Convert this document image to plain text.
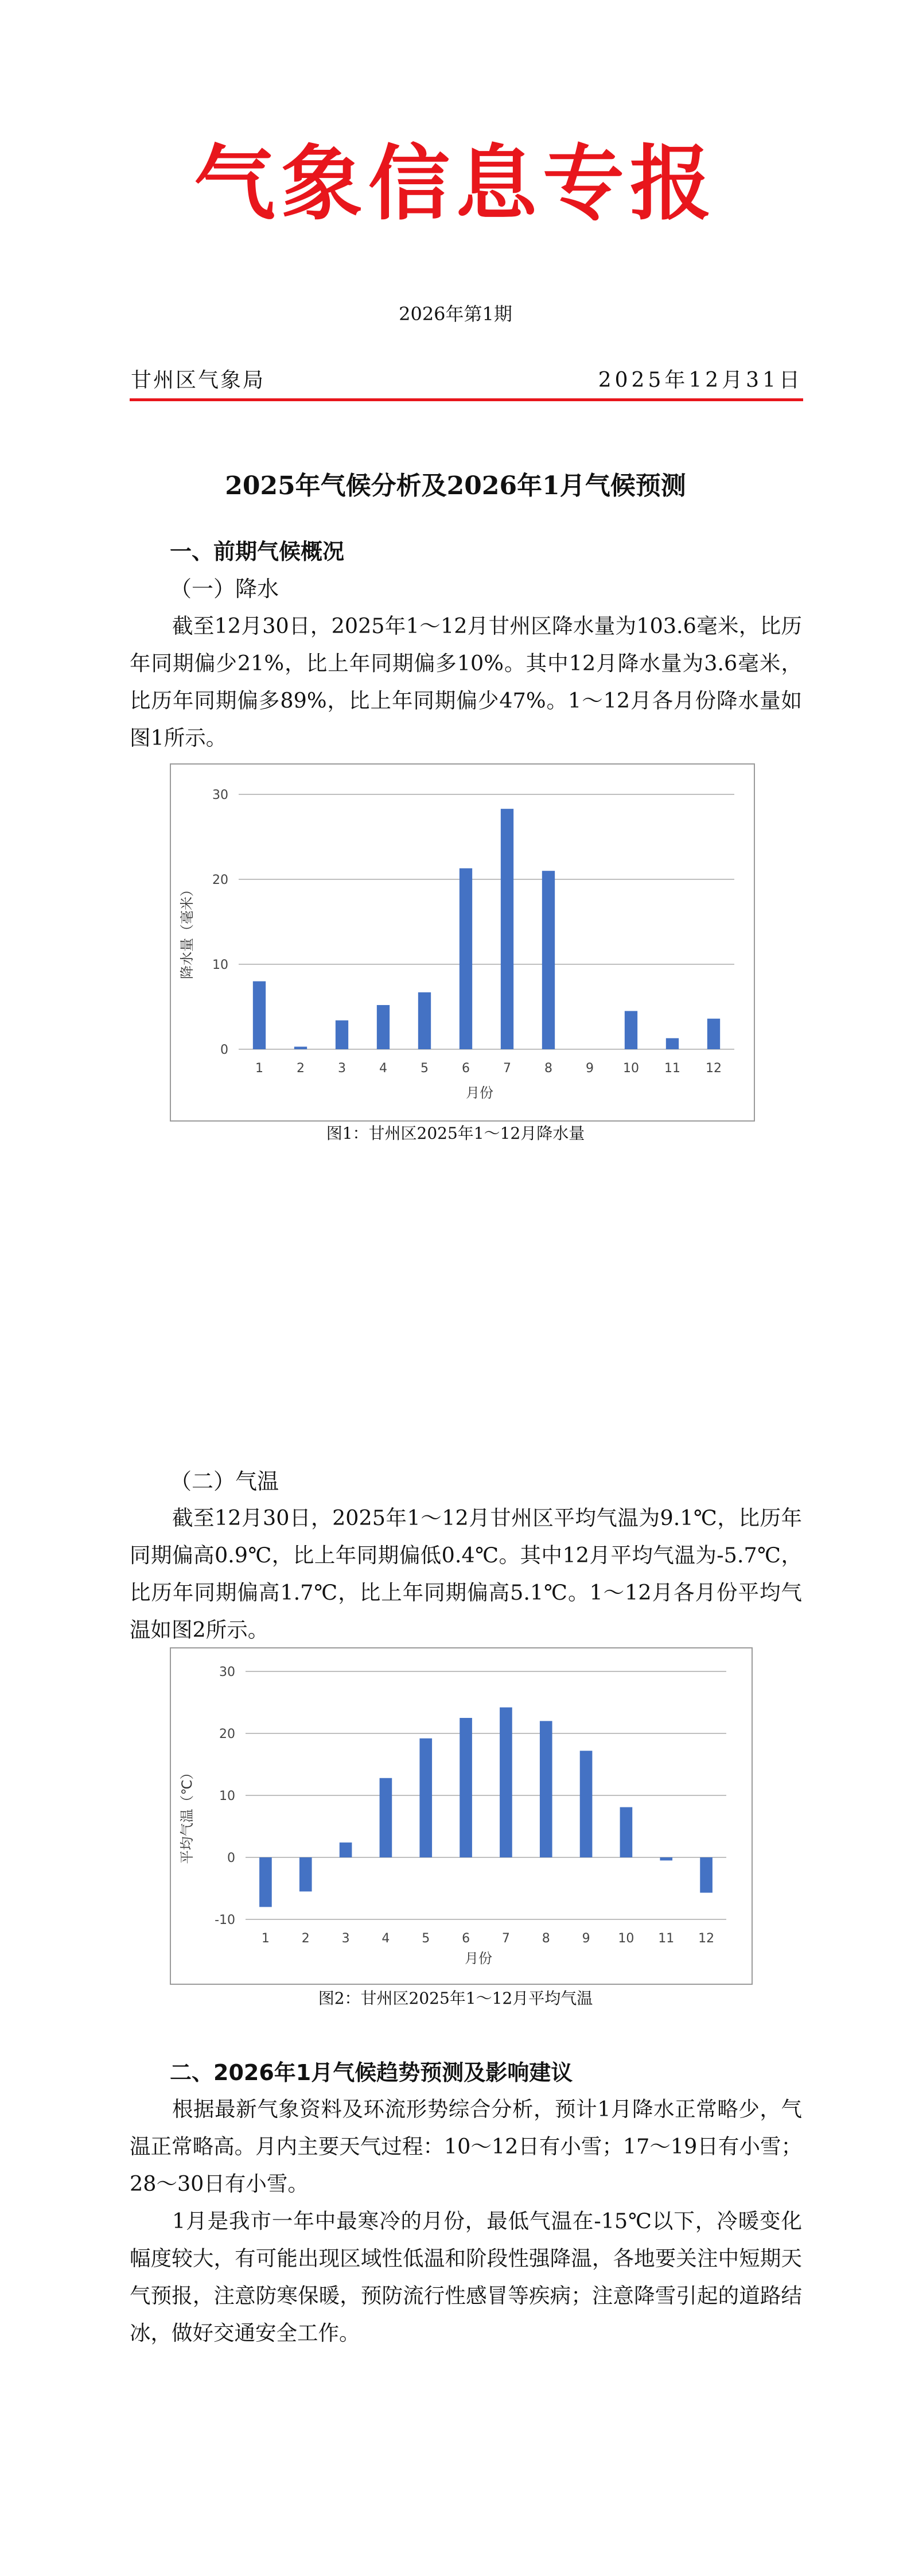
气象信息专报
2026年第1期
甘州区气象局	2025年12月31日
2025年气候分析及2026年1月气候预测
一、前期气候概况
（一）降水

截至12月30日，2025年1～12月甘州区降水量为103.6毫米，比历年同期偏少21%，比上年同期偏多10%。其中12月降水量为3.6毫米，比历年同期偏多89%，比上年同期偏少47%。1～12月各月份降水量如图1所示。

降水量（毫米）
月份
0
10
20
30
1	2	3	4	5	6	7	8	9 10 11 12
图1：甘州区2025年1～12月降水量
（二）气温

截至12月30日，2025年1～12月甘州区平均气温为9.1℃，比历年同期偏高0.9℃，比上年同期偏低0.4℃。其中12月平均气温为-5.7℃，比历年同期偏高1.7℃，比上年同期偏高5.1℃。1～12月各月份平均气温如图2所示。

平均气温（℃）
月份
-10
0
10
20
30
1	2	3	4	5	6	7	8	9 10 11 12
图2：甘州区2025年1～12月平均气温
二、2026年1月气候趋势预测及影响建议

根据最新气象资料及环流形势综合分析，预计1月降水正常略少，气温正常略高。月内主要天气过程：10～12日有小雪；17～19日有小雪；28～30日有小雪。

1月是我市一年中最寒冷的月份，最低气温在-15℃以下，冷暖变化幅度较大，有可能出现区域性低温和阶段性强降温，各地要关注中短期天气预报，注意防寒保暖，预防流行性感冒等疾病；注意降雪引起的道路结冰，做好交通安全工作。
